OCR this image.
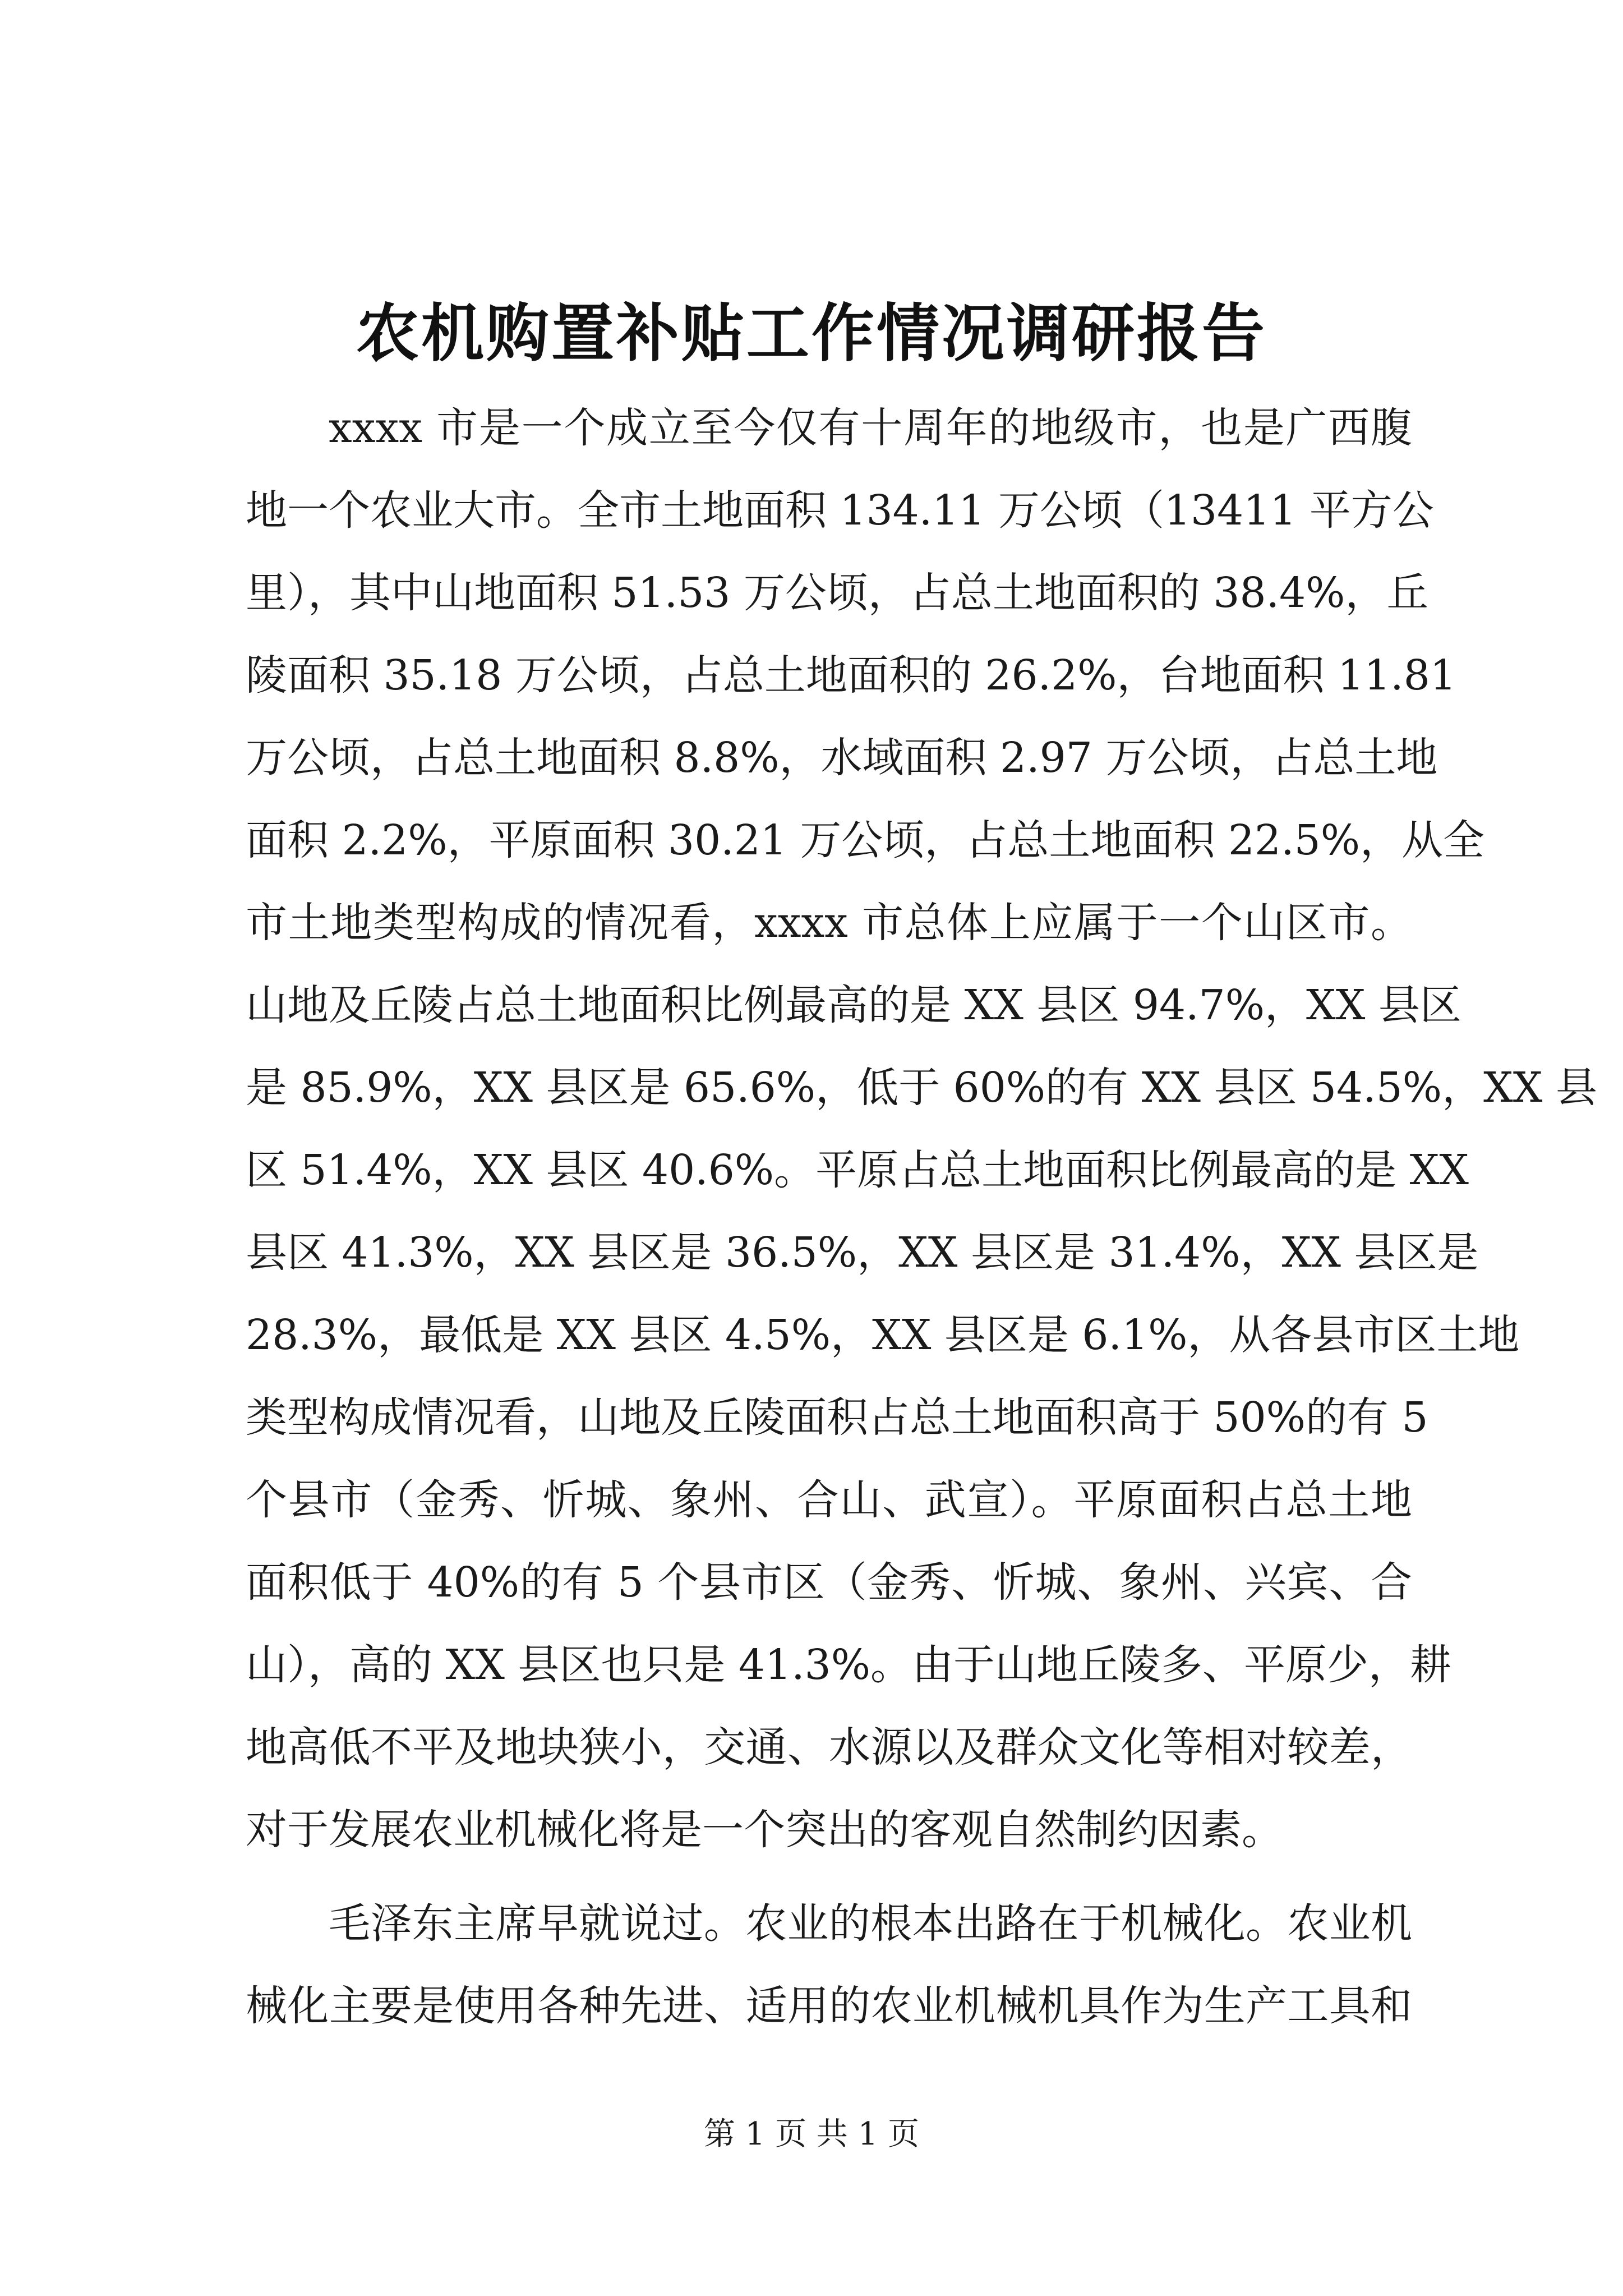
农机购置补贴工作情况调研报告
xxxx 市是一个成立至今仅有十周年的地级市，也是广西腹
地一个农业大市。全市土地面积 134.11 万公顷（13411 平方公
里），其中山地面积 51.53 万公顷，占总土地面积的 38.4%，丘
陵面积 35.18 万公顷，占总土地面积的 26.2%，台地面积 11.81
万公顷，占总土地面积 8.8%，水域面积 2.97 万公顷，占总土地
面积 2.2%，平原面积 30.21 万公顷，占总土地面积 22.5%，从全
市土地类型构成的情况看，xxxx 市总体上应属于一个山区市。
山地及丘陵占总土地面积比例最高的是 XX 县区 94.7%，XX 县区
是 85.9%，XX 县区是 65.6%，低于 60%的有 XX 县区 54.5%，XX 县
区 51.4%，XX 县区 40.6%。平原占总土地面积比例最高的是 XX
县区 41.3%，XX 县区是 36.5%，XX 县区是 31.4%，XX 县区是
28.3%，最低是 XX 县区 4.5%，XX 县区是 6.1%，从各县市区土地
类型构成情况看，山地及丘陵面积占总土地面积高于 50%的有 5
个县市（金秀、忻城、象州、合山、武宣）。平原面积占总土地
面积低于 40%的有 5 个县市区（金秀、忻城、象州、兴宾、合
山），高的 XX 县区也只是 41.3%。由于山地丘陵多、平原少，耕
地高低不平及地块狭小，交通、水源以及群众文化等相对较差，
对于发展农业机械化将是一个突出的客观自然制约因素。
毛泽东主席早就说过。农业的根本出路在于机械化。农业机
械化主要是使用各种先进、适用的农业机械机具作为生产工具和
第 1 页 共 1 页
